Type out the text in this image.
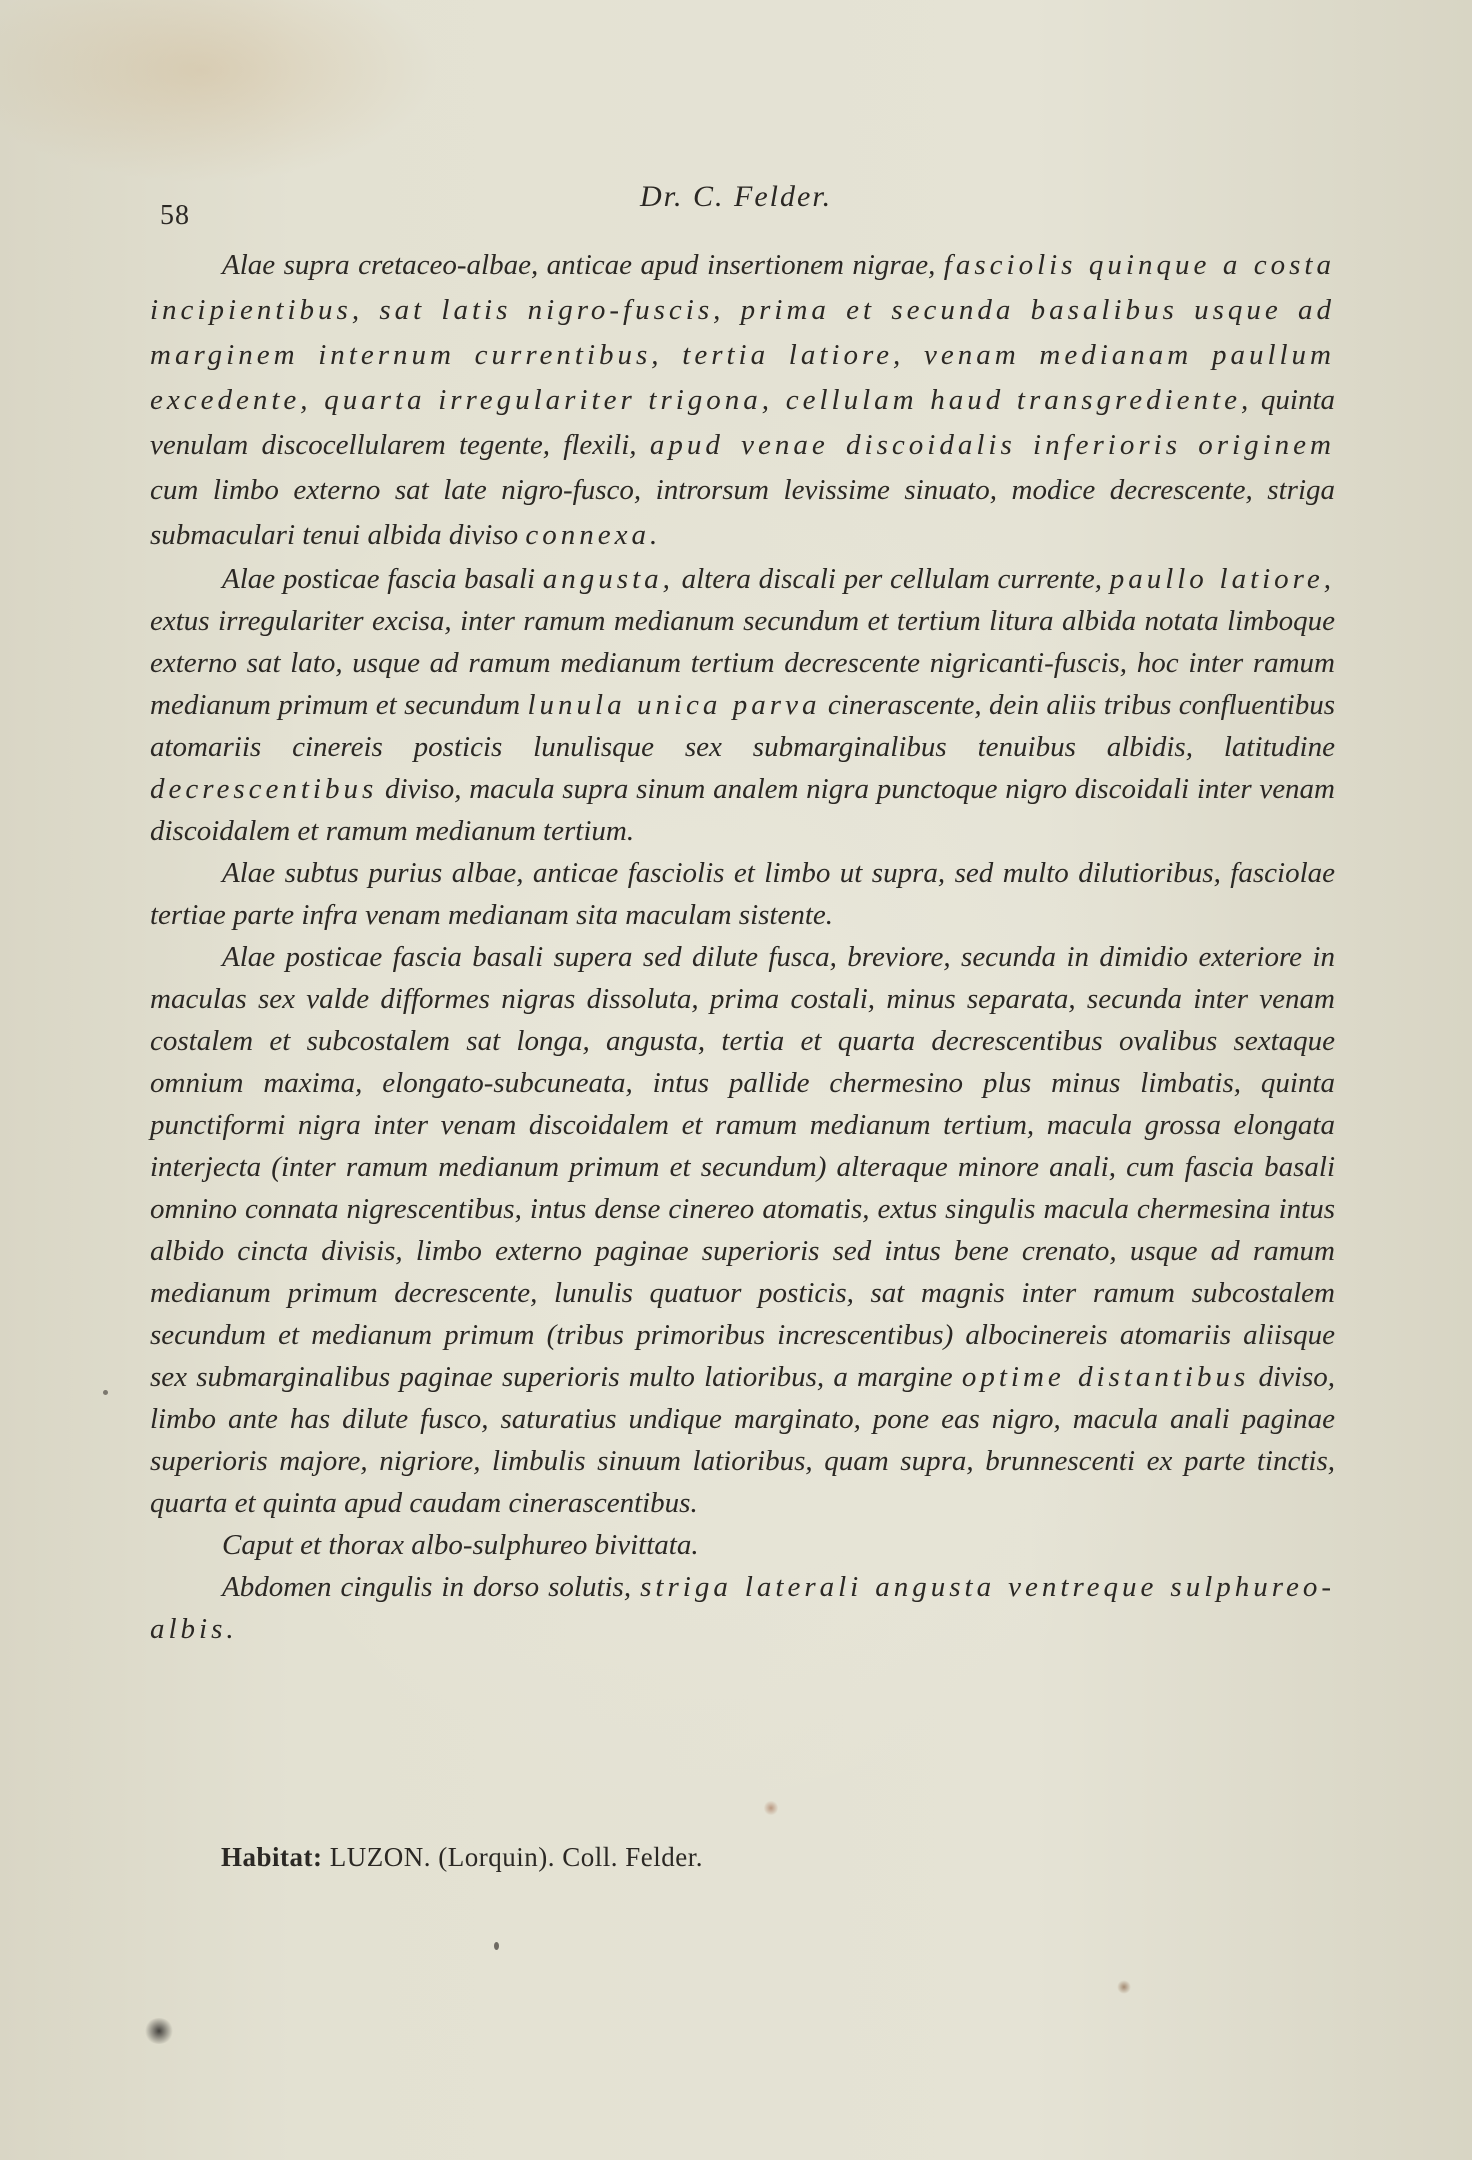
58
Dr. C. Felder.

Alae supra cretaceo-albae, anticae apud insertionem nigrae, fasciolis quinque a costa incipientibus, sat latis nigro-fuscis, prima et secunda basalibus usque ad marginem internum currentibus, tertia latiore, venam medianam paullum excedente, quarta irregulariter trigona, cellulam haud transgrediente, quinta venulam discocellularem tegente, flexili, apud venae discoidalis inferioris originem cum limbo externo sat late nigro-fusco, introrsum levissime sinuato, modice decrescente, striga submaculari tenui albida diviso connexa.

Alae posticae fascia basali angusta, altera discali per cellulam currente, paullo latiore, extus irregulariter excisa, inter ramum medianum secundum et tertium litura albida notata limboque externo sat lato, usque ad ramum medianum tertium decrescente nigricanti-fuscis, hoc inter ramum medianum primum et secundum lunula unica parva cinerascente, dein aliis tribus confluentibus atomariis cinereis posticis lunulisque sex submarginalibus tenuibus albidis, latitudine decrescentibus diviso, macula supra sinum analem nigra punctoque nigro discoidali inter venam discoidalem et ramum medianum tertium.

Alae subtus purius albae, anticae fasciolis et limbo ut supra, sed multo dilutioribus, fasciolae tertiae parte infra venam medianam sita maculam sistente.

Alae posticae fascia basali supera sed dilute fusca, breviore, secunda in dimidio exteriore in maculas sex valde difformes nigras dissoluta, prima costali, minus separata, secunda inter venam costalem et subcostalem sat longa, angusta, tertia et quarta decrescentibus ovalibus sextaque omnium maxima, elongato-subcuneata, intus pallide chermesino plus minus limbatis, quinta punctiformi nigra inter venam discoidalem et ramum medianum tertium, macula grossa elongata interjecta (inter ramum medianum primum et secundum) alteraque minore anali, cum fascia basali omnino connata nigrescentibus, intus dense cinereo atomatis, extus singulis macula chermesina intus albido cincta divisis, limbo externo paginae superioris sed intus bene crenato, usque ad ramum medianum primum decrescente, lunulis quatuor posticis, sat magnis inter ramum subcostalem secundum et medianum primum (tribus primoribus increscentibus) albocinereis atomariis aliisque sex submarginalibus paginae superioris multo latioribus, a margine optime distantibus diviso, limbo ante has dilute fusco, saturatius undique marginato, pone eas nigro, macula anali paginae superioris majore, nigriore, limbulis sinuum latioribus, quam supra, brunnescenti ex parte tinctis, quarta et quinta apud caudam cinerascentibus.

Caput et thorax albo-sulphureo bivittata.

Abdomen cingulis in dorso solutis, striga laterali angusta ventreque sulphureo-albis.

Habitat: LUZON. (Lorquin). Coll. Felder.
